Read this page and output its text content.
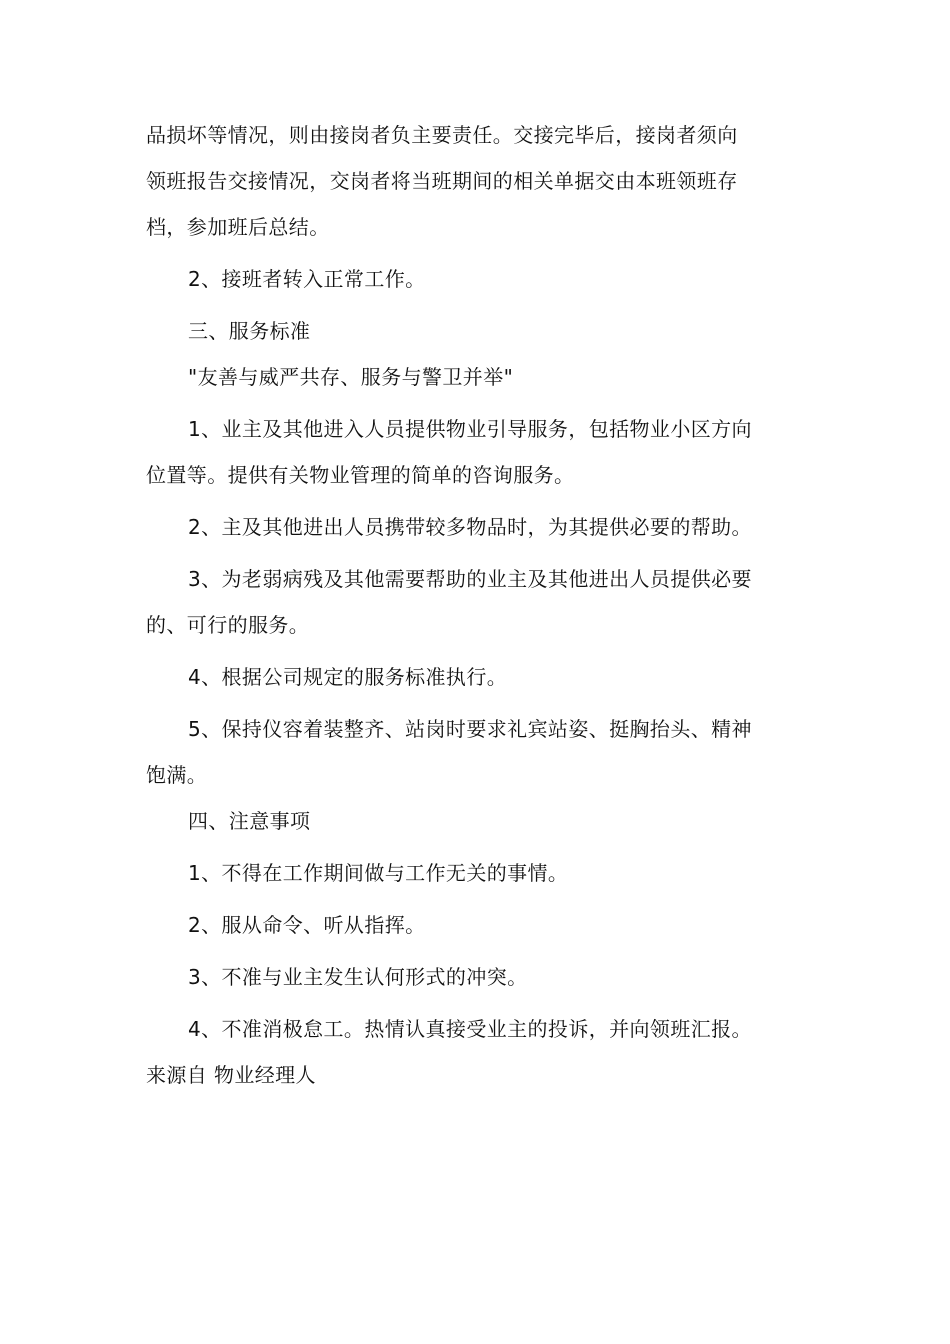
品损坏等情况，则由接岗者负主要责任。交接完毕后，接岗者须向
领班报告交接情况，交岗者将当班期间的相关单据交由本班领班存
档，参加班后总结。
2、接班者转入正常工作。
三、服务标准
"友善与威严共存、服务与警卫并举"
1、业主及其他进入人员提供物业引导服务，包括物业小区方向
位置等。提供有关物业管理的简单的咨询服务。
2、主及其他进出人员携带较多物品时，为其提供必要的帮助。
3、为老弱病残及其他需要帮助的业主及其他进出人员提供必要
的、可行的服务。
4、根据公司规定的服务标准执行。
5、保持仪容着装整齐、站岗时要求礼宾站姿、挺胸抬头、精神
饱满。
四、注意事项
1、不得在工作期间做与工作无关的事情。
2、服从命令、听从指挥。
3、不准与业主发生认何形式的冲突。
4、不准消极怠工。热情认真接受业主的投诉，并向领班汇报。
来源自 物业经理人
